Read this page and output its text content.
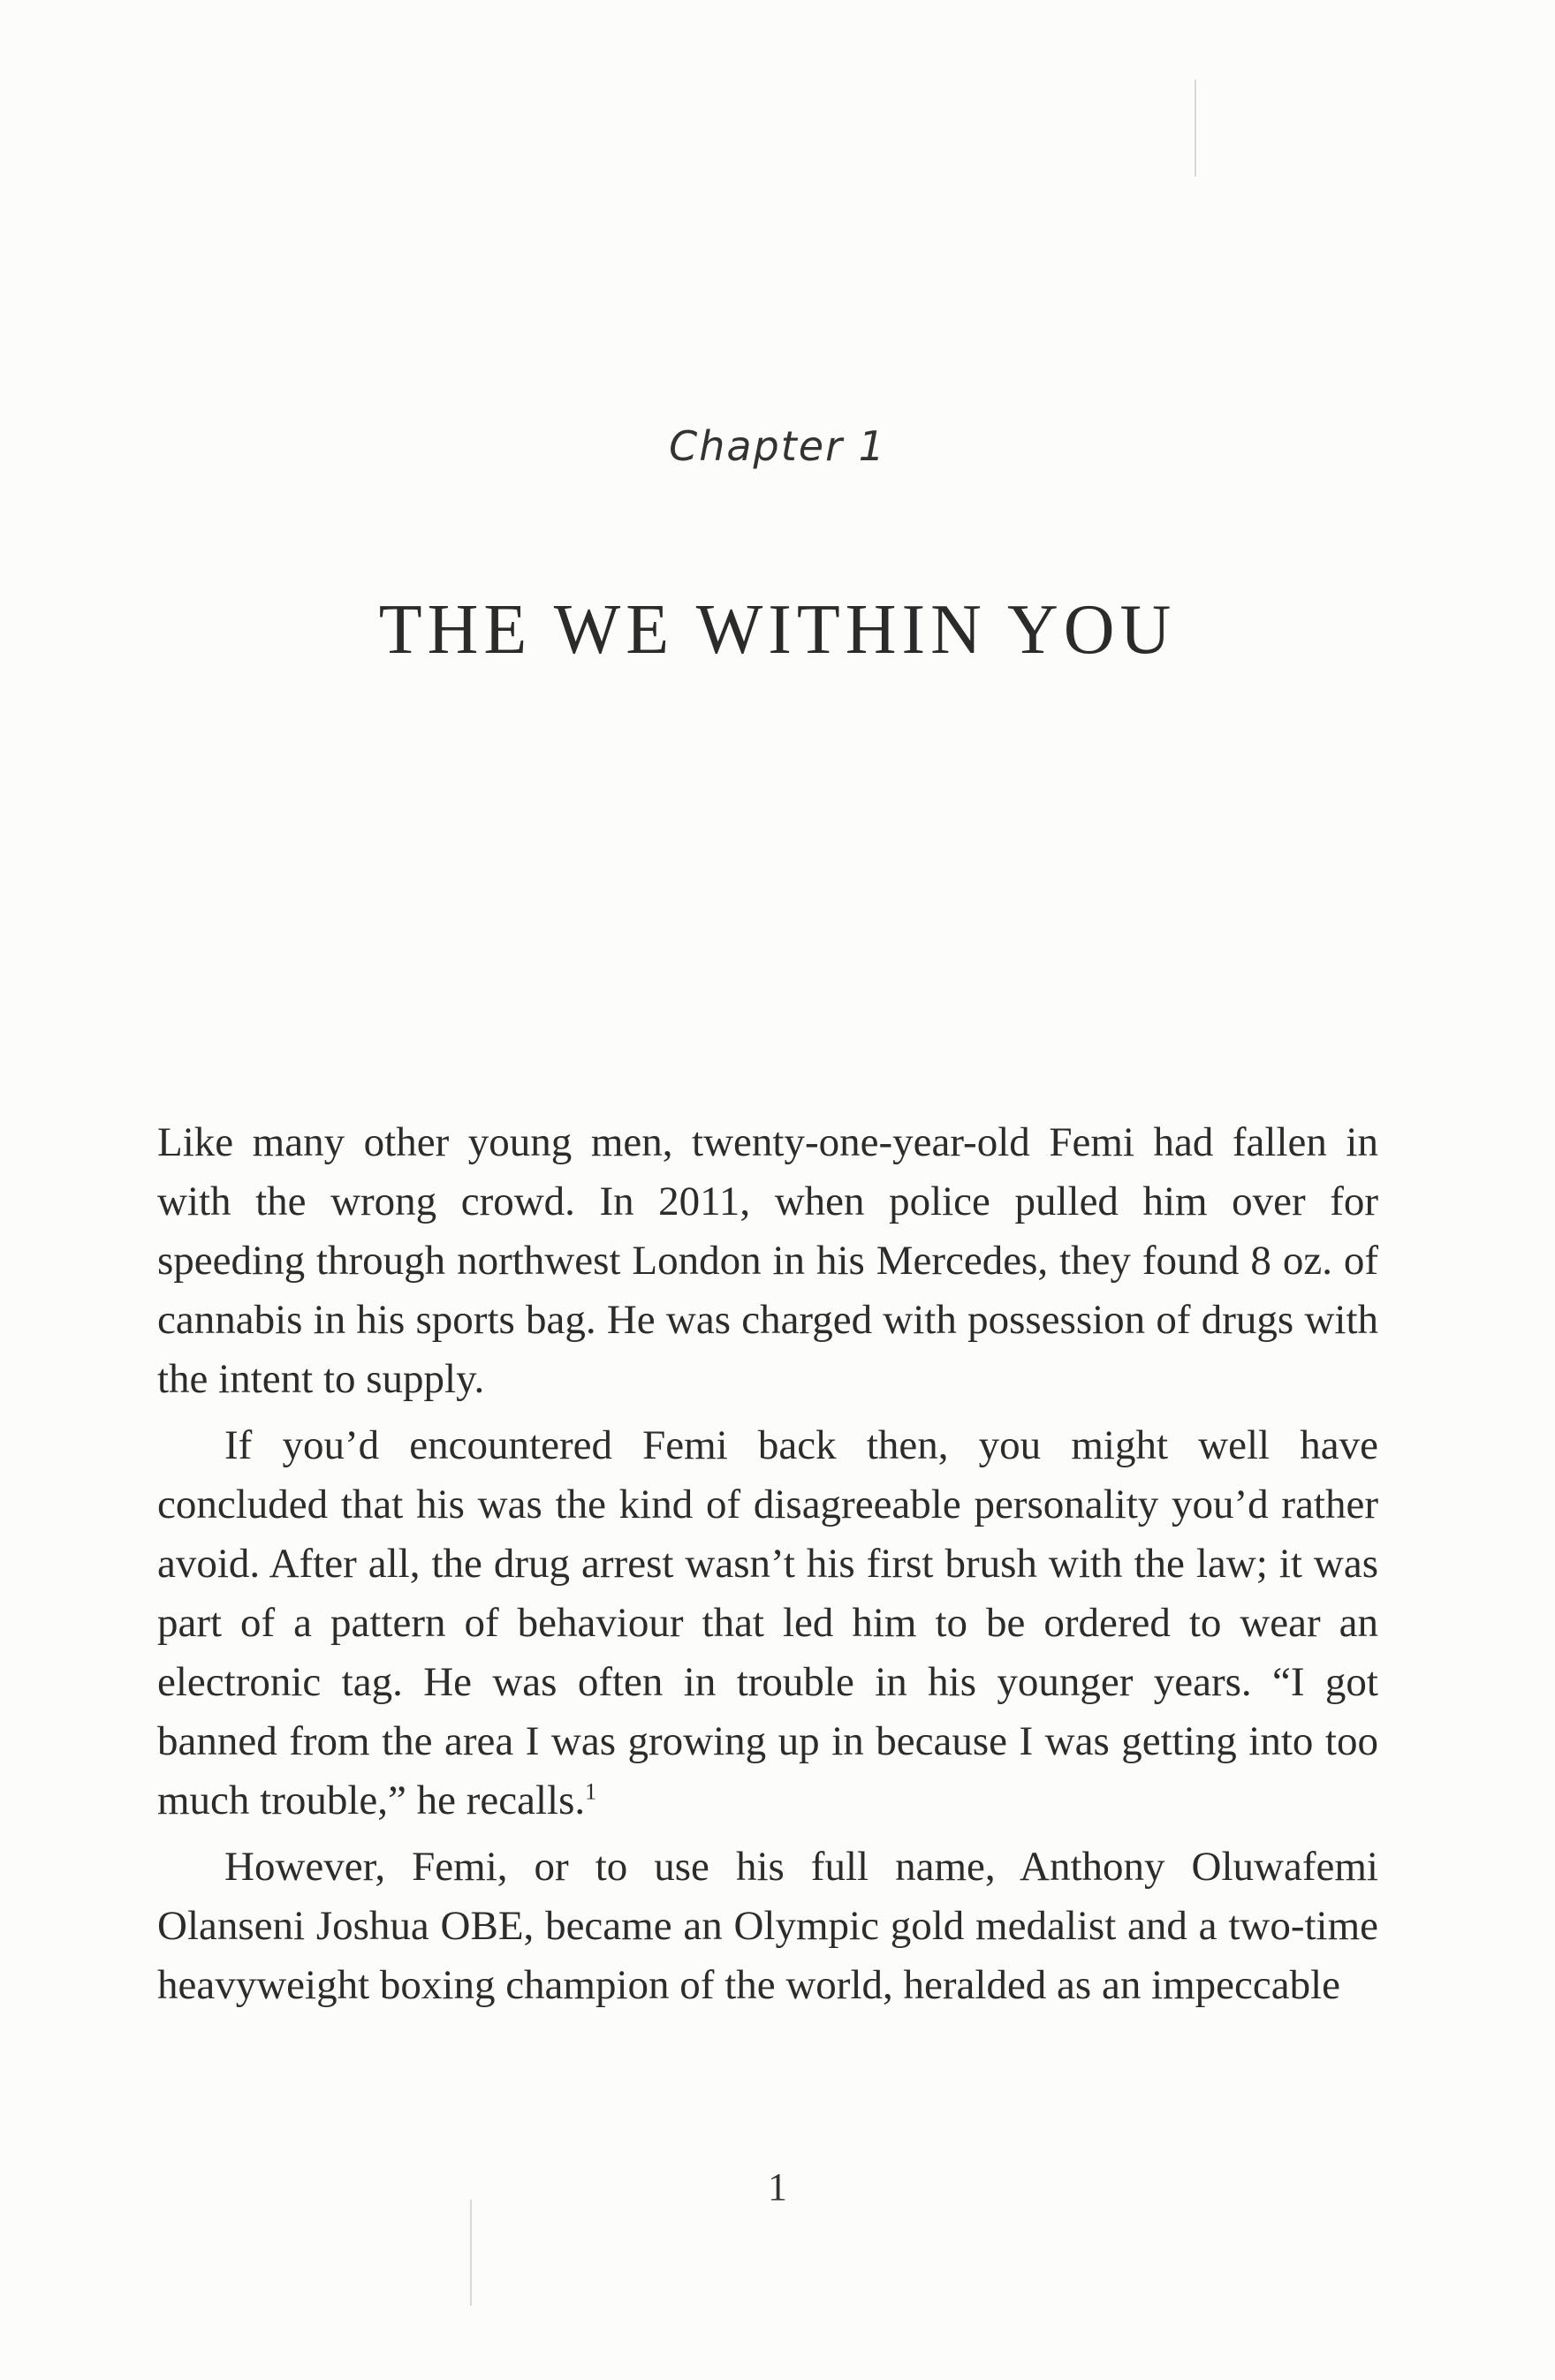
Chapter 1
THE WE WITHIN YOU

Like many other young men, twenty-one-year-old Femi had fallen in with the wrong crowd. In 2011, when police pulled him over for speeding through northwest London in his Mercedes, they found 8 oz. of cannabis in his sports bag. He was charged with possession of drugs with the intent to supply.

If you’d encountered Femi back then, you might well have concluded that his was the kind of disagreeable personality you’d rather avoid. After all, the drug arrest wasn’t his first brush with the law; it was part of a pattern of behaviour that led him to be ordered to wear an electronic tag. He was often in trouble in his younger years. “I got banned from the area I was growing up in because I was getting into too much trouble,” he recalls.$^1$

However, Femi, or to use his full name, Anthony Oluwafemi Olanseni Joshua OBE, became an Olympic gold medalist and a two-time heavyweight boxing champion of the world, heralded as an impeccable

1
